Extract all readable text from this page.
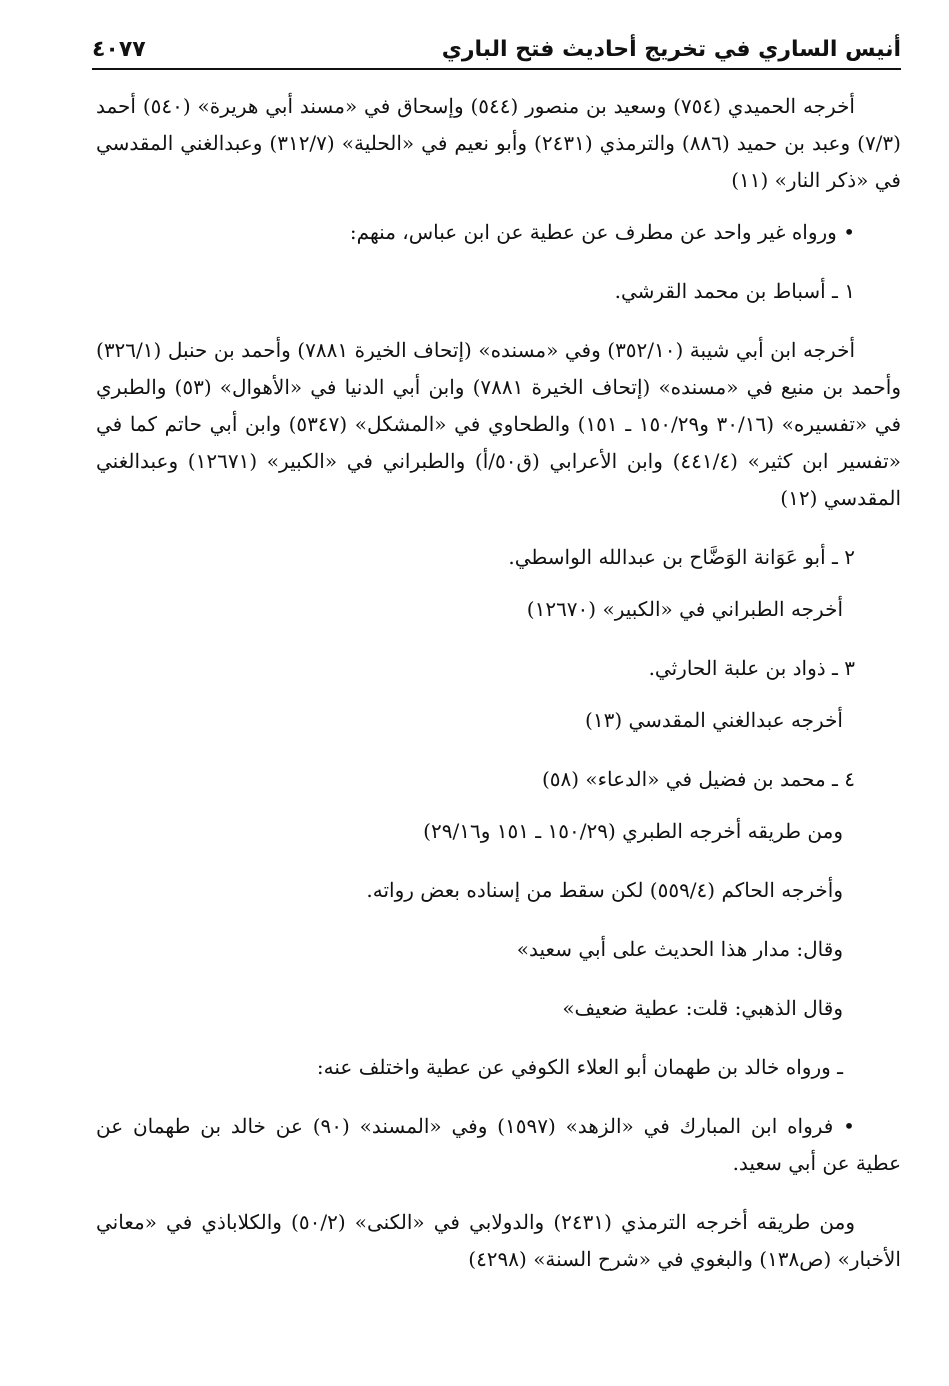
أنيس الساري في تخريج أحاديث فتح الباري
٤٠٧٧

أخرجه الحميدي (٧٥٤) وسعيد بن منصور (٥٤٤) وإسحاق في «مسند أبي هريرة» (٥٤٠) أحمد (٧/٣) وعبد بن حميد (٨٨٦) والترمذي (٢٤٣١) وأبو نعيم في «الحلية» (٣١٢/٧) وعبدالغني المقدسي في «ذكر النار» (١١)

• ورواه غير واحد عن مطرف عن عطية عن ابن عباس، منهم:

١ ـ أسباط بن محمد القرشي.

أخرجه ابن أبي شيبة (٣٥٢/١٠) وفي «مسنده» (إتحاف الخيرة ٧٨٨١) وأحمد بن حنبل (٣٢٦/١) وأحمد بن منيع في «مسنده» (إتحاف الخيرة ٧٨٨١) وابن أبي الدنيا في «الأهوال» (٥٣) والطبري في «تفسيره» (٣٠/١٦ و١٥٠/٢٩ ـ ١٥١) والطحاوي في «المشكل» (٥٣٤٧) وابن أبي حاتم كما في «تفسير ابن كثير» (٤٤١/٤) وابن الأعرابي (ق٥٠/أ) والطبراني في «الكبير» (١٢٦٧١) وعبدالغني المقدسي (١٢)

٢ ـ أبو عَوَانة الوَضَّاح بن عبدالله الواسطي.

أخرجه الطبراني في «الكبير» (١٢٦٧٠)

٣ ـ ذواد بن علبة الحارثي.

أخرجه عبدالغني المقدسي (١٣)

٤ ـ محمد بن فضيل في «الدعاء» (٥٨)

ومن طريقه أخرجه الطبري (١٥٠/٢٩ ـ ١٥١ و٢٩/١٦)

وأخرجه الحاكم (٥٥٩/٤) لكن سقط من إسناده بعض رواته.

وقال: مدار هذا الحديث على أبي سعيد»

وقال الذهبي: قلت: عطية ضعيف»

ـ ورواه خالد بن طهمان أبو العلاء الكوفي عن عطية واختلف عنه:

• فرواه ابن المبارك في «الزهد» (١٥٩٧) وفي «المسند» (٩٠) عن خالد بن طهمان عن عطية عن أبي سعيد.

ومن طريقه أخرجه الترمذي (٢٤٣١) والدولابي في «الكنى» (٥٠/٢) والكلاباذي في «معاني الأخبار» (ص١٣٨) والبغوي في «شرح السنة» (٤٢٩٨)
